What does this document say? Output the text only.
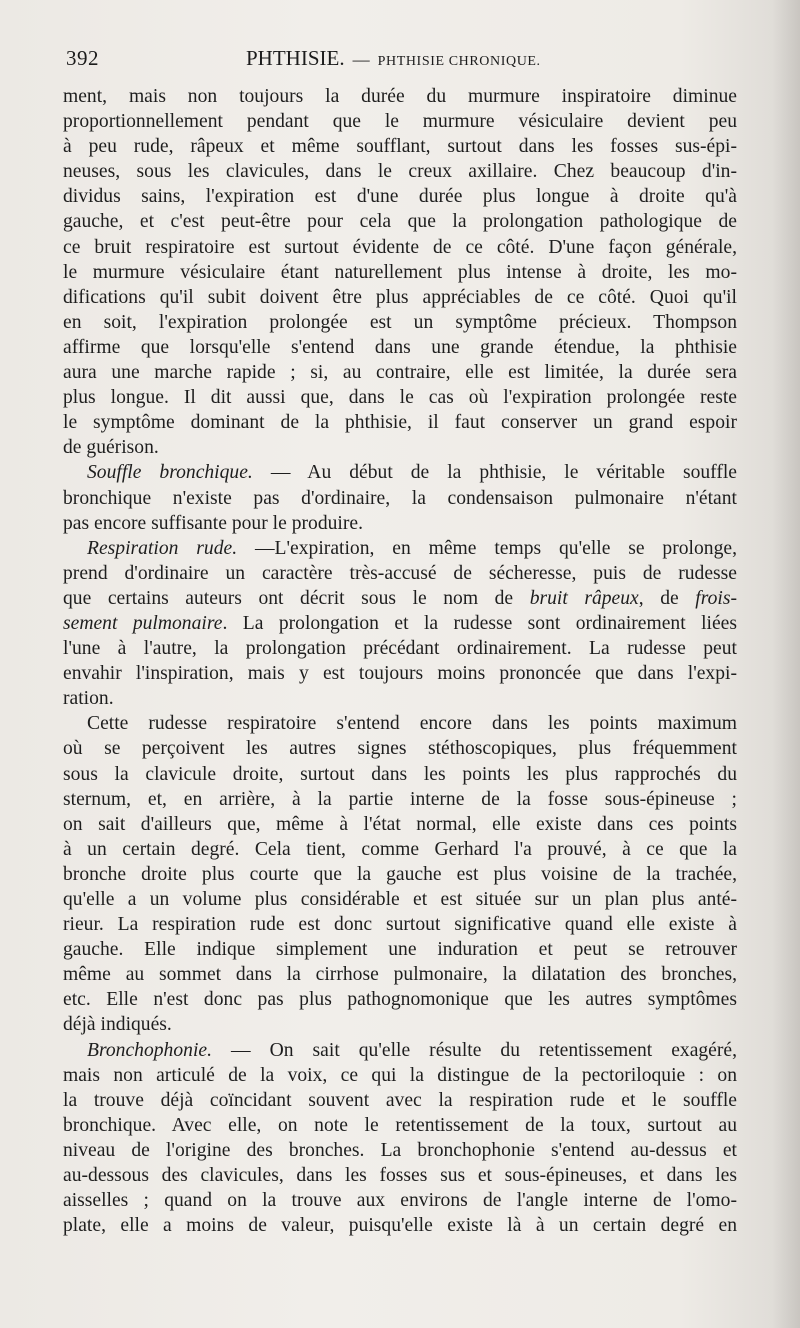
392	PHTHISIE. — PHTHISIE CHRONIQUE.
ment, mais non toujours la durée du murmure inspiratoire diminue
proportionnellement pendant que le murmure vésiculaire devient peu
à peu rude, râpeux et même soufflant, surtout dans les fosses sus-épi-
neuses, sous les clavicules, dans le creux axillaire. Chez beaucoup d'in-
dividus sains, l'expiration est d'une durée plus longue à droite qu'à
gauche, et c'est peut-être pour cela que la prolongation pathologique de
ce bruit respiratoire est surtout évidente de ce côté. D'une façon générale,
le murmure vésiculaire étant naturellement plus intense à droite, les mo-
difications qu'il subit doivent être plus appréciables de ce côté. Quoi qu'il
en soit, l'expiration prolongée est un symptôme précieux. Thompson
affirme que lorsqu'elle s'entend dans une grande étendue, la phthisie
aura une marche rapide ; si, au contraire, elle est limitée, la durée sera
plus longue. Il dit aussi que, dans le cas où l'expiration prolongée reste
le symptôme dominant de la phthisie, il faut conserver un grand espoir
de guérison.
Souffle bronchique. — Au début de la phthisie, le véritable souffle
bronchique n'existe pas d'ordinaire, la condensaison pulmonaire n'étant
pas encore suffisante pour le produire.
Respiration rude. —L'expiration, en même temps qu'elle se prolonge,
prend d'ordinaire un caractère très-accusé de sécheresse, puis de rudesse
que certains auteurs ont décrit sous le nom de bruit râpeux, de frois-
sement pulmonaire. La prolongation et la rudesse sont ordinairement liées
l'une à l'autre, la prolongation précédant ordinairement. La rudesse peut
envahir l'inspiration, mais y est toujours moins prononcée que dans l'expi-
ration.
Cette rudesse respiratoire s'entend encore dans les points maximum
où se perçoivent les autres signes stéthoscopiques, plus fréquemment
sous la clavicule droite, surtout dans les points les plus rapprochés du
sternum, et, en arrière, à la partie interne de la fosse sous-épineuse ;
on sait d'ailleurs que, même à l'état normal, elle existe dans ces points
à un certain degré. Cela tient, comme Gerhard l'a prouvé, à ce que la
bronche droite plus courte que la gauche est plus voisine de la trachée,
qu'elle a un volume plus considérable et est située sur un plan plus anté-
rieur. La respiration rude est donc surtout significative quand elle existe à
gauche. Elle indique simplement une induration et peut se retrouver
même au sommet dans la cirrhose pulmonaire, la dilatation des bronches,
etc. Elle n'est donc pas plus pathognomonique que les autres symptômes
déjà indiqués.
Bronchophonie. — On sait qu'elle résulte du retentissement exagéré,
mais non articulé de la voix, ce qui la distingue de la pectoriloquie : on
la trouve déjà coïncidant souvent avec la respiration rude et le souffle
bronchique. Avec elle, on note le retentissement de la toux, surtout au
niveau de l'origine des bronches. La bronchophonie s'entend au-dessus et
au-dessous des clavicules, dans les fosses sus et sous-épineuses, et dans les
aisselles ; quand on la trouve aux environs de l'angle interne de l'omo-
plate, elle a moins de valeur, puisqu'elle existe là à un certain degré en
